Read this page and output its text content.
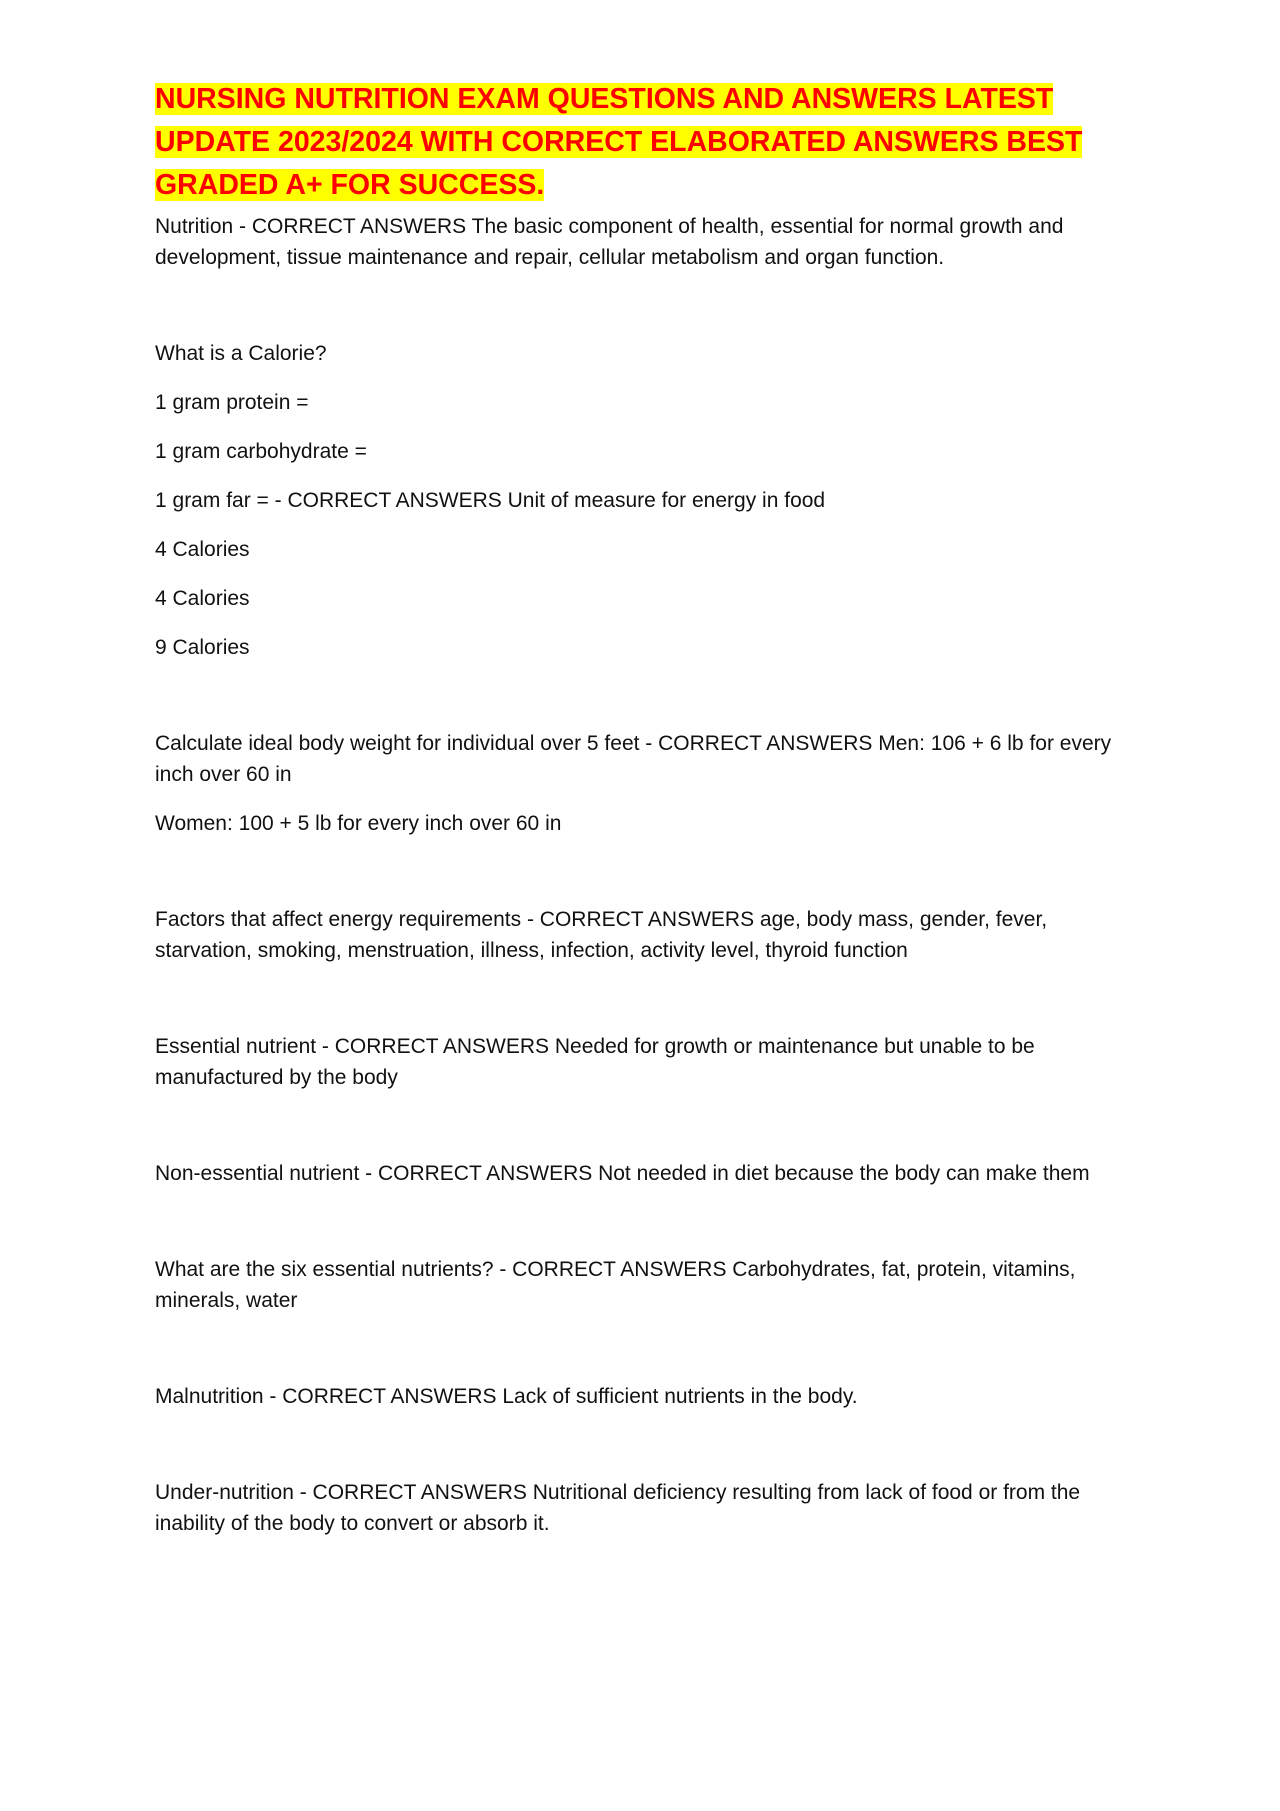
NURSING NUTRITION EXAM QUESTIONS AND ANSWERS LATEST UPDATE 2023/2024 WITH CORRECT ELABORATED ANSWERS BEST GRADED A+ FOR SUCCESS.

Nutrition - CORRECT ANSWERS The basic component of health, essential for normal growth and development, tissue maintenance and repair, cellular metabolism and organ function.

What is a Calorie?

1 gram protein =

1 gram carbohydrate =

1 gram far = - CORRECT ANSWERS Unit of measure for energy in food

4 Calories

4 Calories

9 Calories

Calculate ideal body weight for individual over 5 feet - CORRECT ANSWERS Men: 106 + 6 lb for every inch over 60 in

Women: 100 + 5 lb for every inch over 60 in

Factors that affect energy requirements - CORRECT ANSWERS age, body mass, gender, fever, starvation, smoking, menstruation, illness, infection, activity level, thyroid function

Essential nutrient - CORRECT ANSWERS Needed for growth or maintenance but unable to be manufactured by the body

Non-essential nutrient - CORRECT ANSWERS Not needed in diet because the body can make them

What are the six essential nutrients? - CORRECT ANSWERS Carbohydrates, fat, protein, vitamins, minerals, water

Malnutrition - CORRECT ANSWERS Lack of sufficient nutrients in the body.

Under-nutrition - CORRECT ANSWERS Nutritional deficiency resulting from lack of food or from the inability of the body to convert or absorb it.
